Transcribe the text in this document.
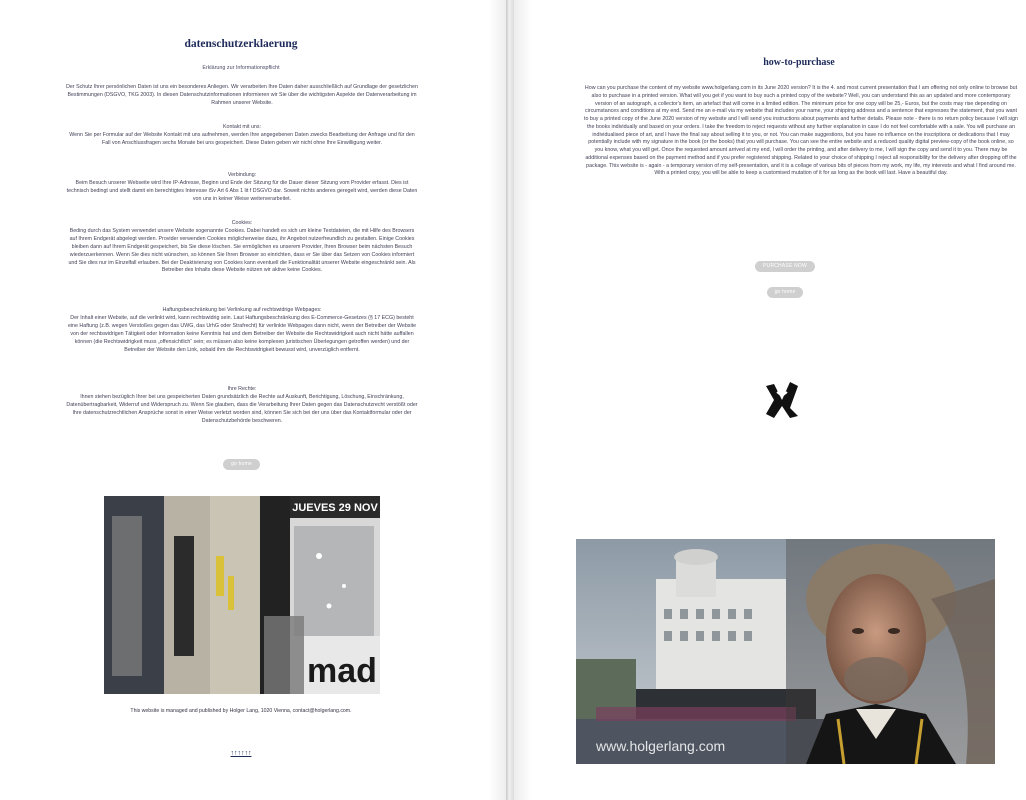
datenschutzerklaerung
Erklärung zur Informationspflicht
Der Schutz Ihrer persönlichen Daten ist uns ein besonderes Anliegen. Wir verarbeiten Ihre Daten daher ausschließlich auf Grundlage der gesetzlichen Bestimmungen (DSGVO, TKG 2003). In diesen Datenschutzinformationen informieren wir Sie über die wichtigsten Aspekte der Datenverarbeitung im Rahmen unserer Website.
Kontakt mit uns:
Wenn Sie per Formular auf der Website Kontakt mit uns aufnehmen, werden Ihre angegebenen Daten zwecks Bearbeitung der Anfrage und für den Fall von Anschlussfragen sechs Monate bei uns gespeichert. Diese Daten geben wir nicht ohne Ihre Einwilligung weiter.
Verbindung:
Beim Besuch unserer Webseite wird Ihre IP-Adresse, Beginn und Ende der Sitzung für die Dauer dieser Sitzung vom Provider erfasst. Dies ist technisch bedingt und stellt damit ein berechtigtes Interesse iSv Art 6 Abs 1 lit f DSGVO dar. Soweit nichts anderes geregelt wird, werden diese Daten von uns in keiner Weise weiterverarbeitet.
Cookies:
Beding durch das System verwendet unsere Website sogenannte Cookies. Dabei handelt es sich um kleine Textdateien, die mit Hilfe des Browsers auf Ihrem Endgerät abgelegt werden. Provider verwenden Cookies möglicherweise dazu, ihr Angebot nutzerfreundlich zu gestalten. Einige Cookies bleiben dann auf Ihrem Endgerät gespeichert, bis Sie diese löschen. Sie ermöglichen es unserem Provider, Ihren Browser beim nächsten Besuch wiederzuerkennen. Wenn Sie dies nicht wünschen, so können Sie Ihren Browser so einrichten, dass er Sie über das Setzen von Cookies informiert und Sie dies nur im Einzelfall erlauben. Bei der Deaktivierung von Cookies kann eventuell die Funktionalität unserer Website eingeschränkt sein. Als Betreiber des Inhalts diese Website nützen wir aktive keine Cookies.
Haftungsbeschränkung bei Verlinkung auf rechtswidrige Webpages:
Der Inhalt einer Website, auf die verlinkt wird, kann rechtswidrig sein. Laut Haftungsbeschränkung des E-Commerce-Gesetzes (§ 17 ECG) besteht eine Haftung (z.B. wegen Verstoßes gegen das UWG, das UrhG oder Strafrecht) für verlinkte Webpages dann nicht, wenn der Betreiber der Website von der rechtswidrigen Tätigkeit oder Information keine Kenntnis hat und dem Betreiber der Website die Rechtswidrigkeit auch nicht hätte auffallen können (die Rechtswidrigkeit muss „offensichtlich“ sein; es müssen also keine komplexen juristischen Überlegungen getroffen werden) und der Betreiber der Website den Link, sobald ihm die Rechtswidrigkeit bewusst wird, unverzüglich entfernt.
Ihre Rechte:
Ihnen stehen bezüglich Ihrer bei uns gespeicherten Daten grundsätzlich die Rechte auf Auskunft, Berichtigung, Löschung, Einschränkung, Datenübertragbarkeit, Widerruf und Widerspruch zu. Wenn Sie glauben, dass die Verarbeitung Ihrer Daten gegen das Datenschutzrecht verstößt oder Ihre datenschutzrechtlichen Ansprüche sonst in einer Weise verletzt worden sind, können Sie sich bei der uns über das Kontaktformular oder der Datenschutzbehörde beschweren.
go home
JUEVES 29 NOV
mad
This website is managed and published by Holger Lang, 1020 Vienna, contact@holgerlang.com.
↑↑↑↑↑↑
how-to-purchase
How can you purchase the content of my website www.holgerlang.com in its June 2020 version? It is the 4. and most current presentation that I am offering not only online to browse but also to purchase in a printed version. What will you get if you want to buy such a printed copy of the website? Well, you can understand this as an updated and more contemporary version of an autograph, a collector's item, an artefact that will come in a limited edition. The minimum price for one copy will be 25,- Euros, but the costs may rise depending on circumstances and conditions at my end. Send me an e-mail via my website that includes your name, your shipping address and a sentence that expresses the statement, that you want to buy a printed copy of the June 2020 version of my website and I will send you instructions about payments and further details. Please note - there is no return policy because I will sign the books individually and based on your orders. I take the freedom to reject requests without any further explanation in case I do not feel comfortable with a sale. You will purchase an individualised piece of art, and I have the final say about selling it to you, or not. You can make suggestions, but you have no influence on the inscriptions or dedications that I may potentially include with my signature in the book (or the books) that you will purchase. You can see the entire website and a reduced quality digital preview-copy of the book online, so you know, what you will get. Once the requested amount arrived at my end, I will order the printing, and after delivery to me, I will sign the copy and send it to you. There may be additional expenses based on the payment method and if you prefer registered shipping. Related to your choice of shipping I reject all responsibility for the delivery after dropping off the package. This website is - again - a temporary version of my self-presentation, and it is a collage of various bits of pieces from my work, my life, my interests and what I find around me. With a printed copy, you will be able to keep a customised mutation of it for as long as the book will last. Have a beautiful day.
PURCHASE NOW
go home
www.holgerlang.com
